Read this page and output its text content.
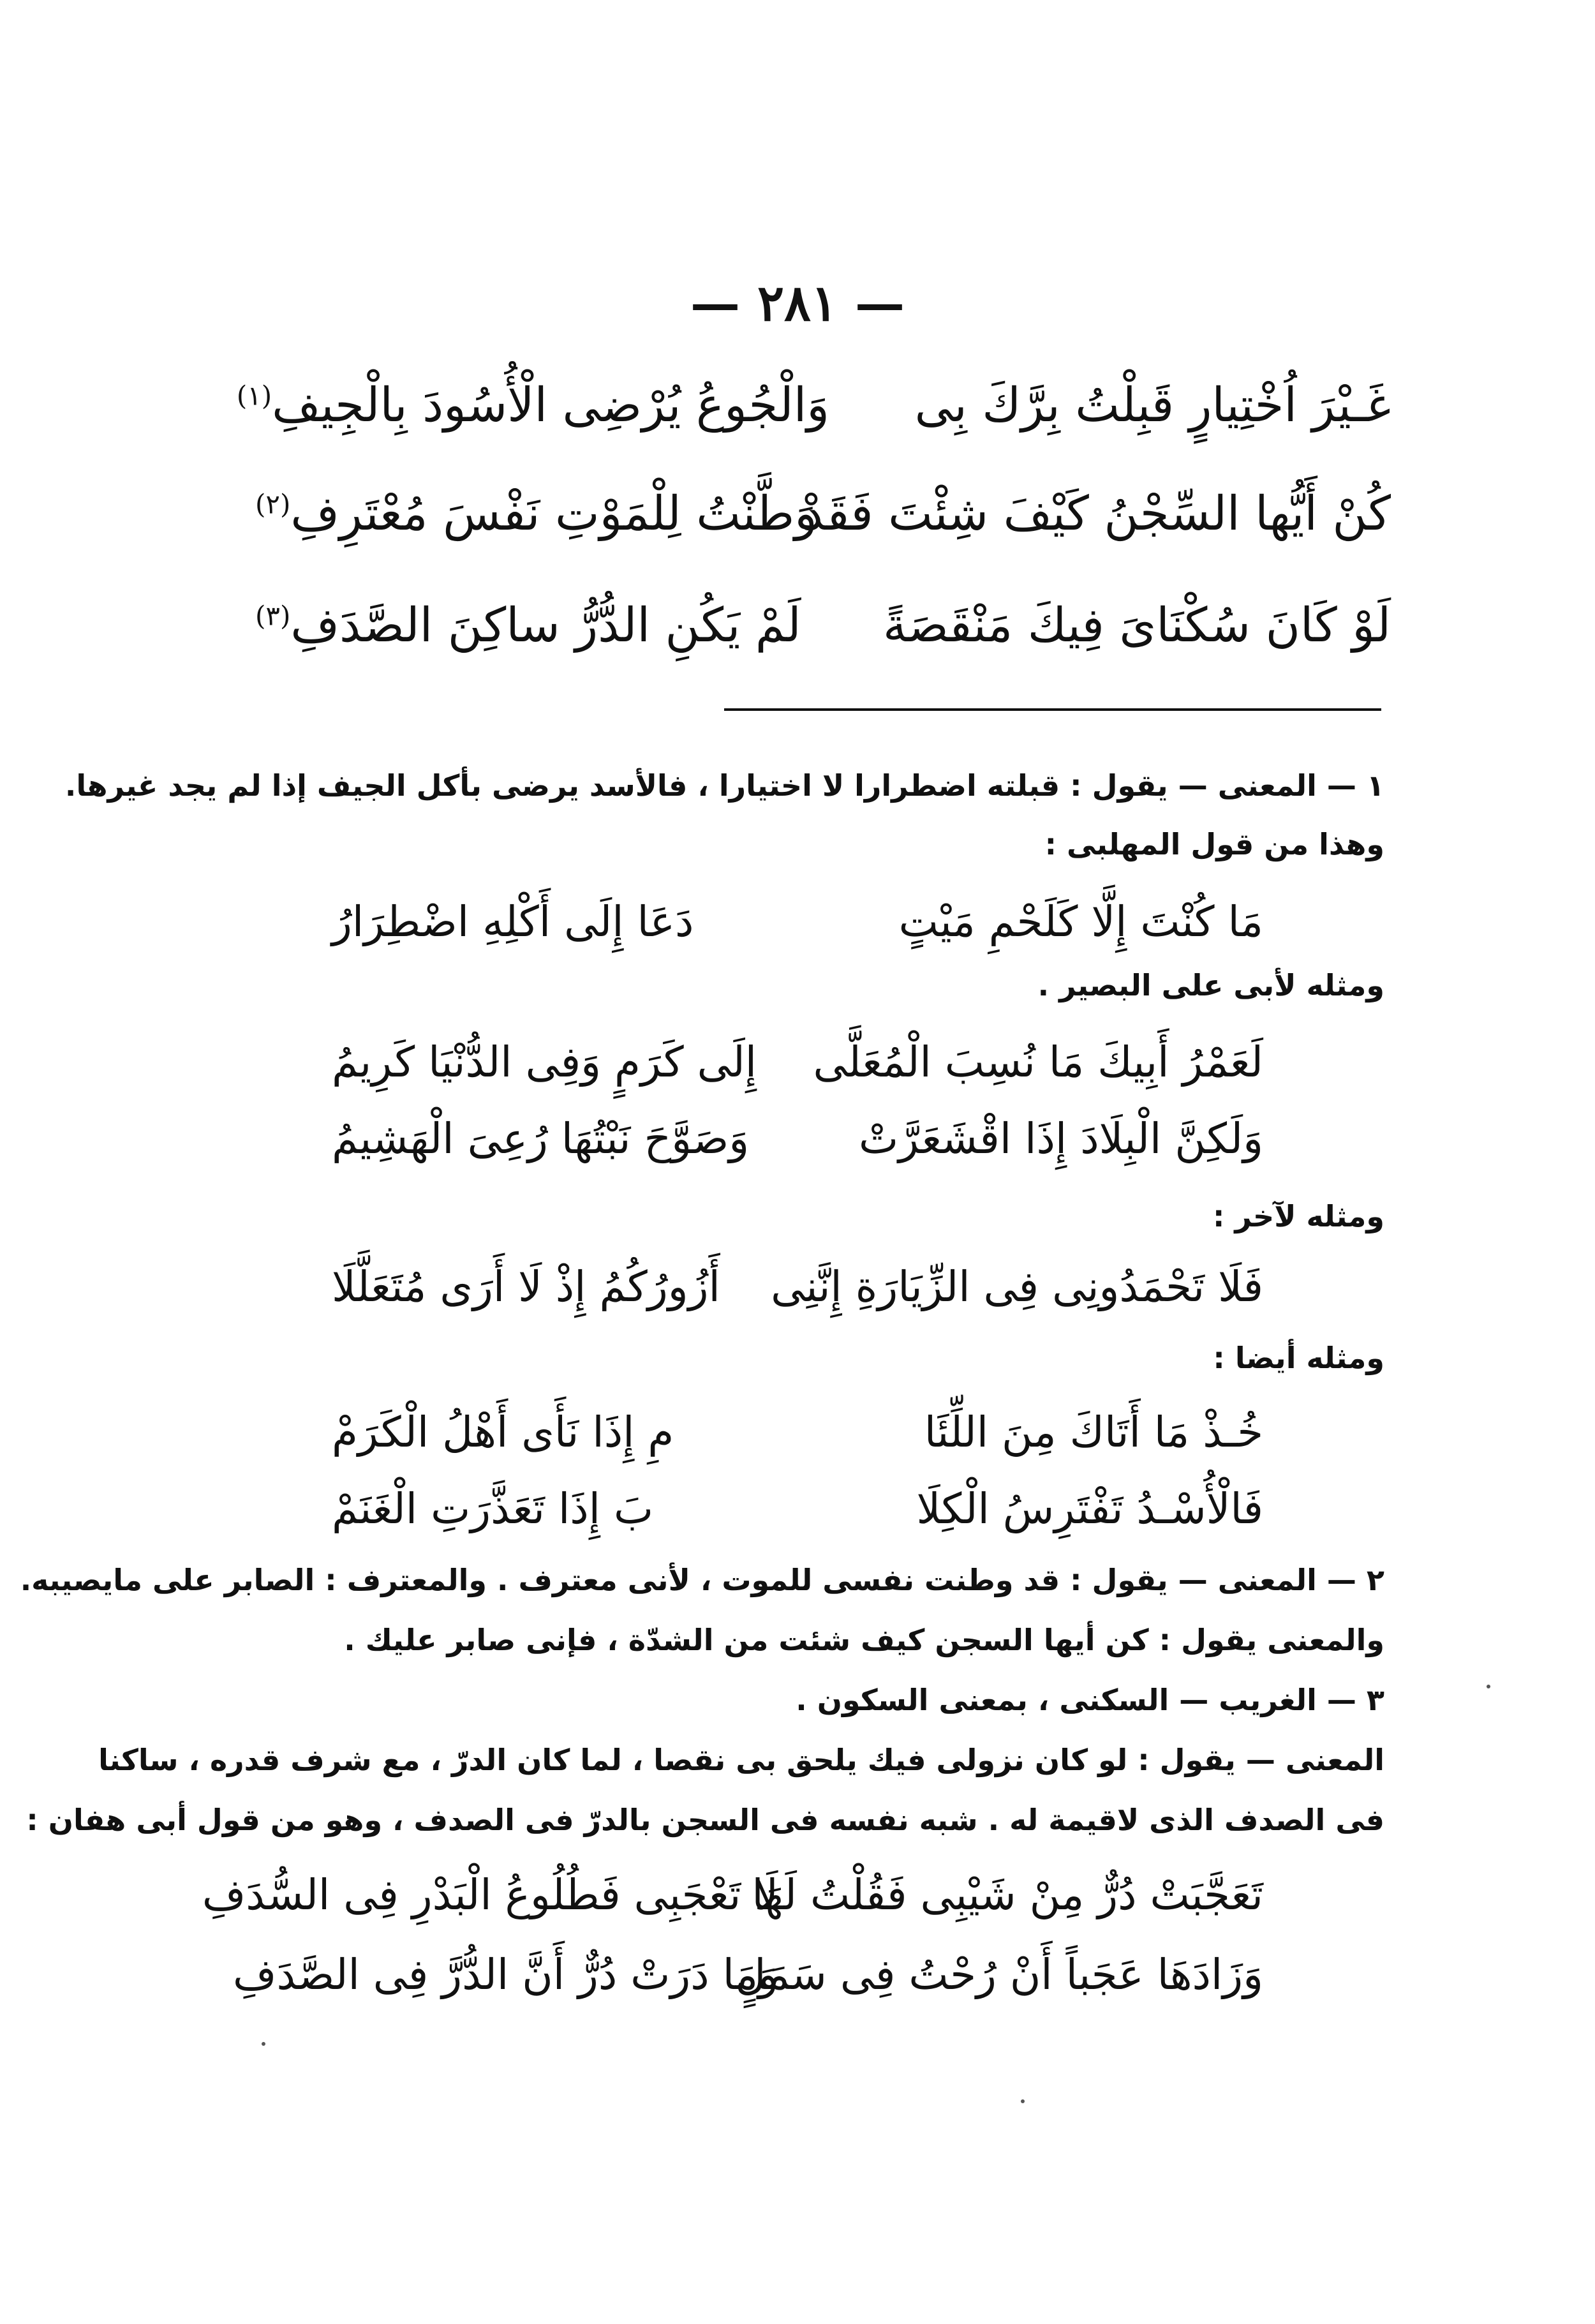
— ٢٨١ —
غَـيْرَ اُخْتِيارٍ قَبِلْتُ بِرَّكَ بِى
وَالْجُوعُ يُرْضِى الْأُسُودَ بِالْجِيفِ$^{(١)}$
كُنْ أَيُّها السِّجْنُ كَيْفَ شِئْتَ فَقَدْ
وَطَّنْتُ لِلْمَوْتِ نَفْسَ مُعْتَرِفِ$^{(٢)}$
لَوْ كَانَ سُكْنَاىَ فِيكَ مَنْقَصَةً
لَمْ يَكُنِ الدُّرُّ ساكِنَ الصَّدَفِ$^{(٣)}$
١ — المعنى — يقول : قبلته اضطرارا لا اختيارا ، فالأسد يرضى بأكل الجيف إذا لم يجد غيرها.
وهذا من قول المهلبى :
مَا كُنْتَ إِلَّا كَلَحْمِ مَيْتٍ
دَعَا إِلَى أَكْلِهِ اضْطِرَارُ
ومثله لأبى على البصير .
لَعَمْرُ أَبِيكَ مَا نُسِبَ الْمُعَلَّى
إِلَى كَرَمٍ وَفِى الدُّنْيَا كَرِيمُ
وَلَكِنَّ الْبِلَادَ إِذَا اقْشَعَرَّتْ
وَصَوَّحَ نَبْتُهَا رُعِىَ الْهَشِيمُ
ومثله لآخر :
فَلَا تَحْمَدُونِى فِى الزِّيَارَةِ إِنَّنِى
أَزُورُكُمُ إِذْ لَا أَرَى مُتَعَلَّلَا
ومثله أيضا :
خُـذْ مَا أَتَاكَ مِنَ اللِّئَا
مِ إِذَا نَأَى أَهْلُ الْكَرَمْ
فَالْأُسْـدُ تَفْتَرِسُ الْكِلَا
بَ إِذَا تَعَذَّرَتِ الْغَنَمْ
٢ — المعنى — يقول : قد وطنت نفسى للموت ، لأنى معترف . والمعترف : الصابر على مايصيبه.
والمعنى يقول : كن أيها السجن كيف شئت من الشدّة ، فإنى صابر عليك .
٣ — الغريب — السكنى ، بمعنى السكون .
المعنى — يقول : لو كان نزولى فيك يلحق بى نقصا ، لما كان الدرّ ، مع شرف قدره ، ساكنا
فى الصدف الذى لاقيمة له . شبه نفسه فى السجن بالدرّ فى الصدف ، وهو من قول أبى هفان :
تَعَجَّبَتْ دُرٌّ مِنْ شَيْبِى فَقُلْتُ لَهَا
لَا تَعْجَبِى فَطُلُوعُ الْبَدْرِ فِى السُّدَفِ
وَزَادَهَا عَجَباً أَنْ رُحْتُ فِى سَمَلٍ
وَمَا دَرَتْ دُرٌّ أَنَّ الدُّرَّ فِى الصَّدَفِ
